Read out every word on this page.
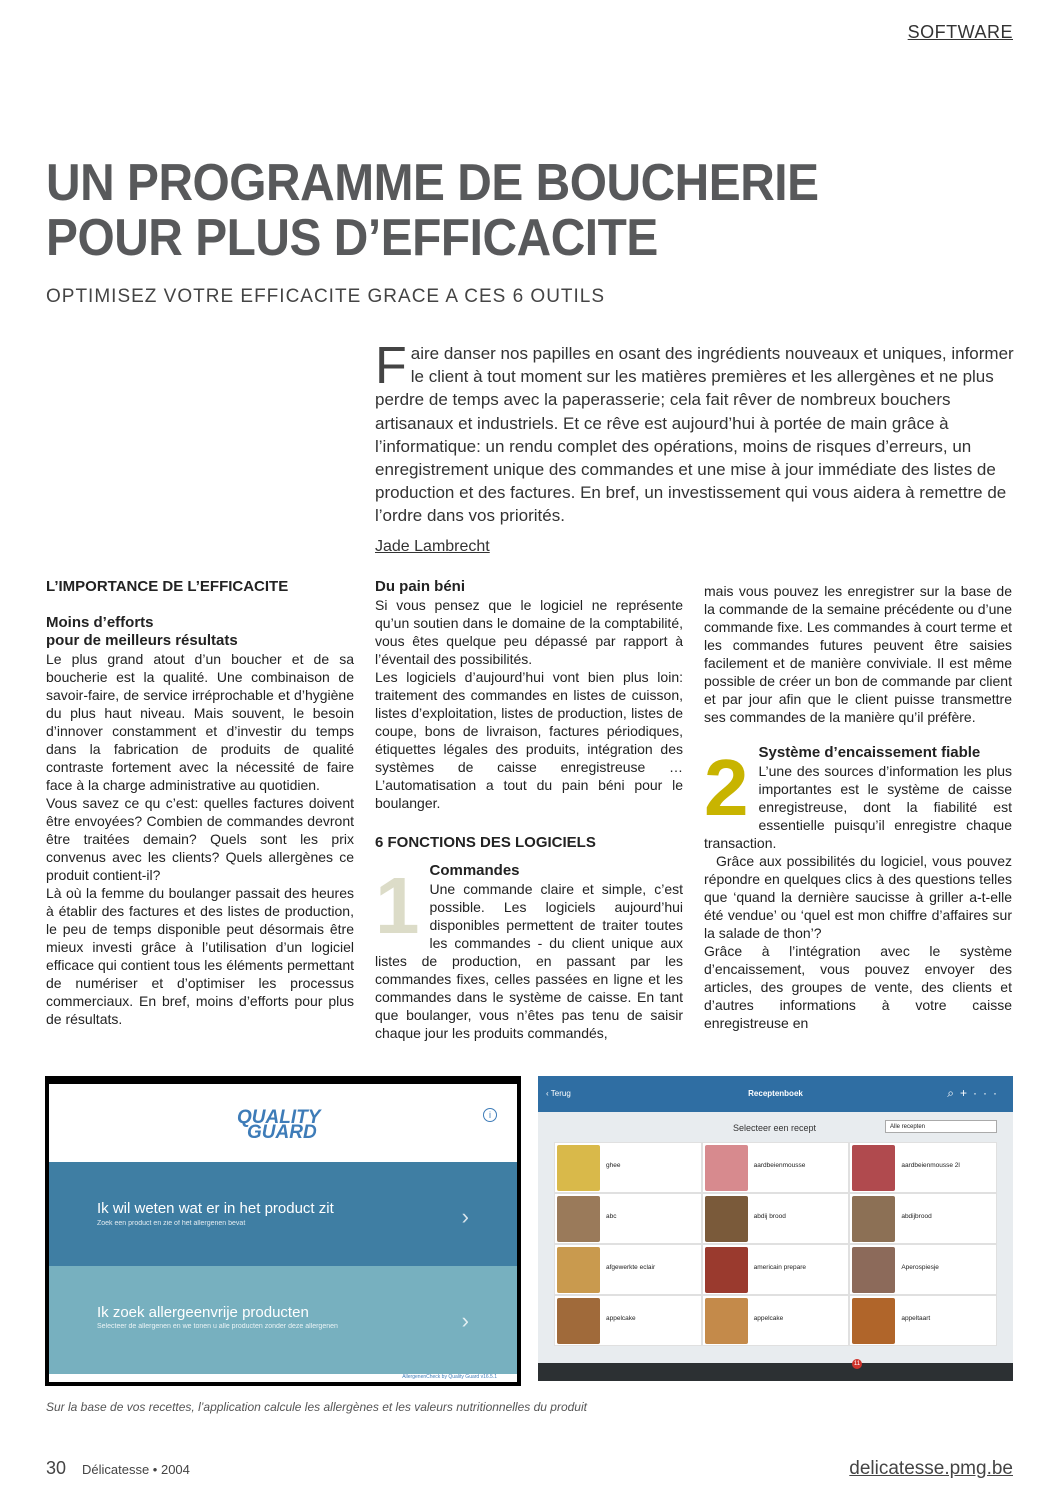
SOFTWARE
UN PROGRAMME DE BOUCHERIE POUR PLUS D’EFFICACITE
OPTIMISEZ VOTRE EFFICACITE GRACE A CES 6 OUTILS
Faire danser nos papilles en osant des ingrédients nouveaux et uniques, informer le client à tout moment sur les matières premières et les allergènes et ne plus perdre de temps avec la paperasserie; cela fait rêver de nombreux bouchers artisanaux et industriels. Et ce rêve est aujourd’hui à portée de main grâce à l’informatique: un rendu complet des opérations, moins de risques d’erreurs, un enregistrement unique des commandes et une mise à jour immédiate des listes de production et des factures. En bref, un investissement qui vous aidera à remettre de l’ordre dans vos priorités.
Jade Lambrecht
L’IMPORTANCE DE L’EFFICACITE
Moins d’efforts
pour de meilleurs résultats

Le plus grand atout d’un boucher et de sa boucherie est la qualité. Une combinaison de savoir-faire, de service irréprochable et d’hygiène du plus haut niveau. Mais souvent, le besoin d’innover constamment et d’investir du temps dans la fabrication de produits de qualité contraste fortement avec la nécessité de faire face à la charge administrative au quotidien.

Vous savez ce qu c’est: quelles factures doivent être envoyées? Combien de commandes devront être traitées demain? Quels sont les prix convenus avec les clients? Quels allergènes ce produit contient-il?

Là où la femme du boulanger passait des heures à établir des factures et des listes de production, le peu de temps disponible peut désormais être mieux investi grâce à l’utilisation d’un logiciel efficace qui contient tous les éléments permettant de numériser et d’optimiser les processus commerciaux. En bref, moins d’efforts pour plus de résultats.

Du pain béni

Si vous pensez que le logiciel ne représente qu’un soutien dans le domaine de la comptabilité, vous êtes quelque peu dépassé par rapport à l’éventail des possibilités.

Les logiciels d’aujourd’hui vont bien plus loin: traitement des commandes en listes de cuisson, listes d’exploitation, listes de production, listes de coupe, bons de livraison, factures périodiques, étiquettes légales des produits, intégration des systèmes de caisse enregistreuse … L’automatisation a tout du pain béni pour le boulanger.

6 FONCTIONS DES LOGICIELS
1 Commandes

Une commande claire et simple, c’est possible. Les logiciels aujourd’hui disponibles permettent de traiter toutes les commandes - du client unique aux listes de production, en passant par les commandes fixes, celles passées en ligne et les commandes dans le système de caisse. En tant que boulanger, vous n’êtes pas tenu de saisir chaque jour les produits commandés,

mais vous pouvez les enregistrer sur la base de la commande de la semaine précédente ou d’une commande fixe. Les commandes à court terme et les commandes futures peuvent être saisies facilement et de manière conviviale. Il est même possible de créer un bon de commande par client et par jour afin que le client puisse transmettre ses commandes de la manière qu’il préfère.

2 Système d’encaissement fiable

L’une des sources d’information les plus importantes est le système de caisse enregistreuse, dont la fiabilité est essentielle puisqu’il enregistre chaque transaction.

Grâce aux possibilités du logiciel, vous pouvez répondre en quelques clics à des questions telles que ‘quand la dernière saucisse à griller a-t-elle été vendue’ ou ‘quel est mon chiffre d’affaires sur la salade de thon’?

Grâce à l’intégration avec le système d’encaissement, vous pouvez envoyer des articles, des groupes de vente, des clients et d’autres informations à votre caisse enregistreuse en

QUALITY
GUARD
i
Ik wil weten wat er in het product zit
Zoek een product en zie of het allergenen bevat	›
Ik zoek allergeenvrije producten
Selecteer de allergenen en we tonen u alle producten zonder deze allergenen	›
AllergenenCheck by Quality Guard v16.5.1
‹ Terug	Receptenboek	⌕+···
Selecteer een recept	Alle recepten
ghee	aardbeienmousse	aardbeienmousse 2l
abc	abdij brood	abdijbrood
afgewerkte eclair	americain prepare	Aperospiesje
appelcake	appelcake	appeltaart
11
Sur la base de vos recettes, l’application calcule les allergènes et les valeurs nutritionnelles du produit
30 Délicatesse • 2004	delicatesse.pmg.be
